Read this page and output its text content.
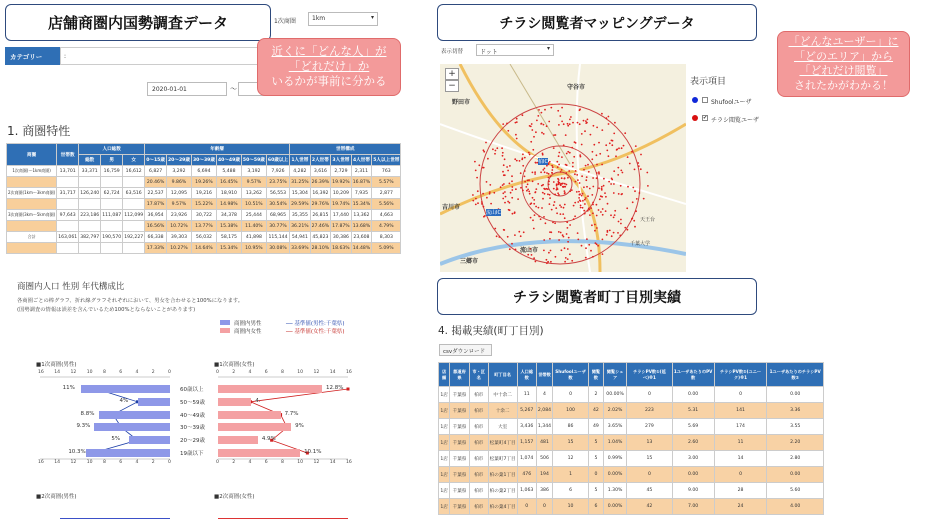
店舗商圏内国勢調査データ	1次商圏	1km	▾
カテゴリー	:
2020-01-01	〜
近くに「どんな人」が
「どれだけ」か
いるかが事前に分かる
1. 商圏特性
商圏	世帯数	人口総数			年齢層						世帯構成				
		総数	男	女	0〜15歳	20〜29歳	30〜39歳	40〜49歳	50〜59歳	60歳以上	1人世帯	2人世帯	3人世帯	4人世帯	5人以上世帯
1次商圏(〜1km商圏)	13,701	33,371	16,759	16,612	6,827	3,292	6,694	5,488	3,192	7,926	4,282	3,616	2,729	2,311	763
					20.46%	9.86%	19.26%	16.45%	9.57%	23.75%	31.25%	26.39%	19.92%	16.87%	5.57%
2次商圏(1km〜3km商圏)	31,717	126,240	62,724	63,516	22,537	12,095	19,216	18,910	13,262	56,553	15,304	16,392	10,209	7,935	2,877
					17.87%	9.57%	15.22%	14.98%	10.51%	30.54%	29.59%	29.76%	19.74%	15.34%	5.56%
3次商圏(3km〜5km商圏)	97,643	223,186	111,087	112,099	36,954	23,926	30,722	34,378	25,444	68,965	35,355	26,815	17,440	13,362	4,663
					16.56%	10.72%	13.77%	15.38%	11.40%	30.77%	36.21%	27.46%	17.87%	13.68%	4.79%
合計	163,061	382,797	190,570	192,227	66,338	39,303	56,032	58,175	41,898	115,144	54,941	45,823	30,386	23,608	8,303
					17.33%	10.27%	14.64%	15.34%	10.95%	30.08%	33.69%	28.10%	18.63%	14.48%	5.09%
商圏内人口 性別 年代構成比
各商圏ごとの棒グラフ、折れ線グラフそれぞれにおいて、男女を合わせると100%になります。
(国勢調査の情報は誤差を含んでいるため100%とならないことがあります)
商圏内男性	── 基準値(男性:千葉県)
商圏内女性	── 基準値(女性:千葉県)
■1次商圏(男性)	■1次商圏(女性)
16
16
14
14
12
12
10
10
8
8
6
6
4
4
2
2
0
0
0
0
2
2
4
4
6
6
8
8
10
10
12
12
14
14
16
16
11%	12.8%
60歳以上
4%	4.
50〜59歳
8.8%	7.7%
40〜49歳
9.3%	9%
30〜39歳
5%	4.9%
20〜29歳
10.3%	10.1%
19歳以下
■2次商圏(男性)	■2次商圏(女性)
チラシ閲覧者マッピングデータ
表示切替	ドット
▾
「どんなユーザー」に
「どのエリア」から
「どれだけ閲覧」
されたかがわかる！
+
−	守谷市
野田市
柏IC
流山IC
吉川市
流山市
三郷市
天王台
千葉大学
表示項目
Shufoolユーザ
✔ チラシ閲覧ユーザ
チラシ閲覧者町丁目別実績
4. 掲載実績(町丁目別)
csvダウンロード
店舗	都道府県	市・区名	町丁目名	人口総数	世帯数	Shufoolユーザ数	閲覧数	閲覧シェア	チラシPV数①(延べ)※1	1ユーザあたりのPV数	チラシPV数②(ユニーク)※1	1ユーザあたりのチラシPV数②
1店	千葉県	柏市	中十余二	11	4	0	2	00.00%	0	0.00	0	0.00
1店	千葉県	柏市	十余二	5,267	2,084	100	42	2.02%	223	5.31	141	3.36
1店	千葉県	柏市	大室	3,436	1,344	86	49	3.65%	279	5.69	174	3.55
1店	千葉県	柏市	松葉町4丁目	1,157	481	15	5	1.04%	13	2.60	11	2.20
1店	千葉県	柏市	松葉町7丁目	1,074	506	12	5	0.99%	15	3.00	14	2.80
1店	千葉県	柏市	柏の葉1丁目	476	194	1	0	0.00%	0	0.00	0	0.00
1店	千葉県	柏市	柏の葉2丁目	1,063	386	6	5	1.30%	45	9.00	28	5.60
1店	千葉県	柏市	柏の葉4丁目	0	0	10	6	0.00%	42	7.00	24	4.00
